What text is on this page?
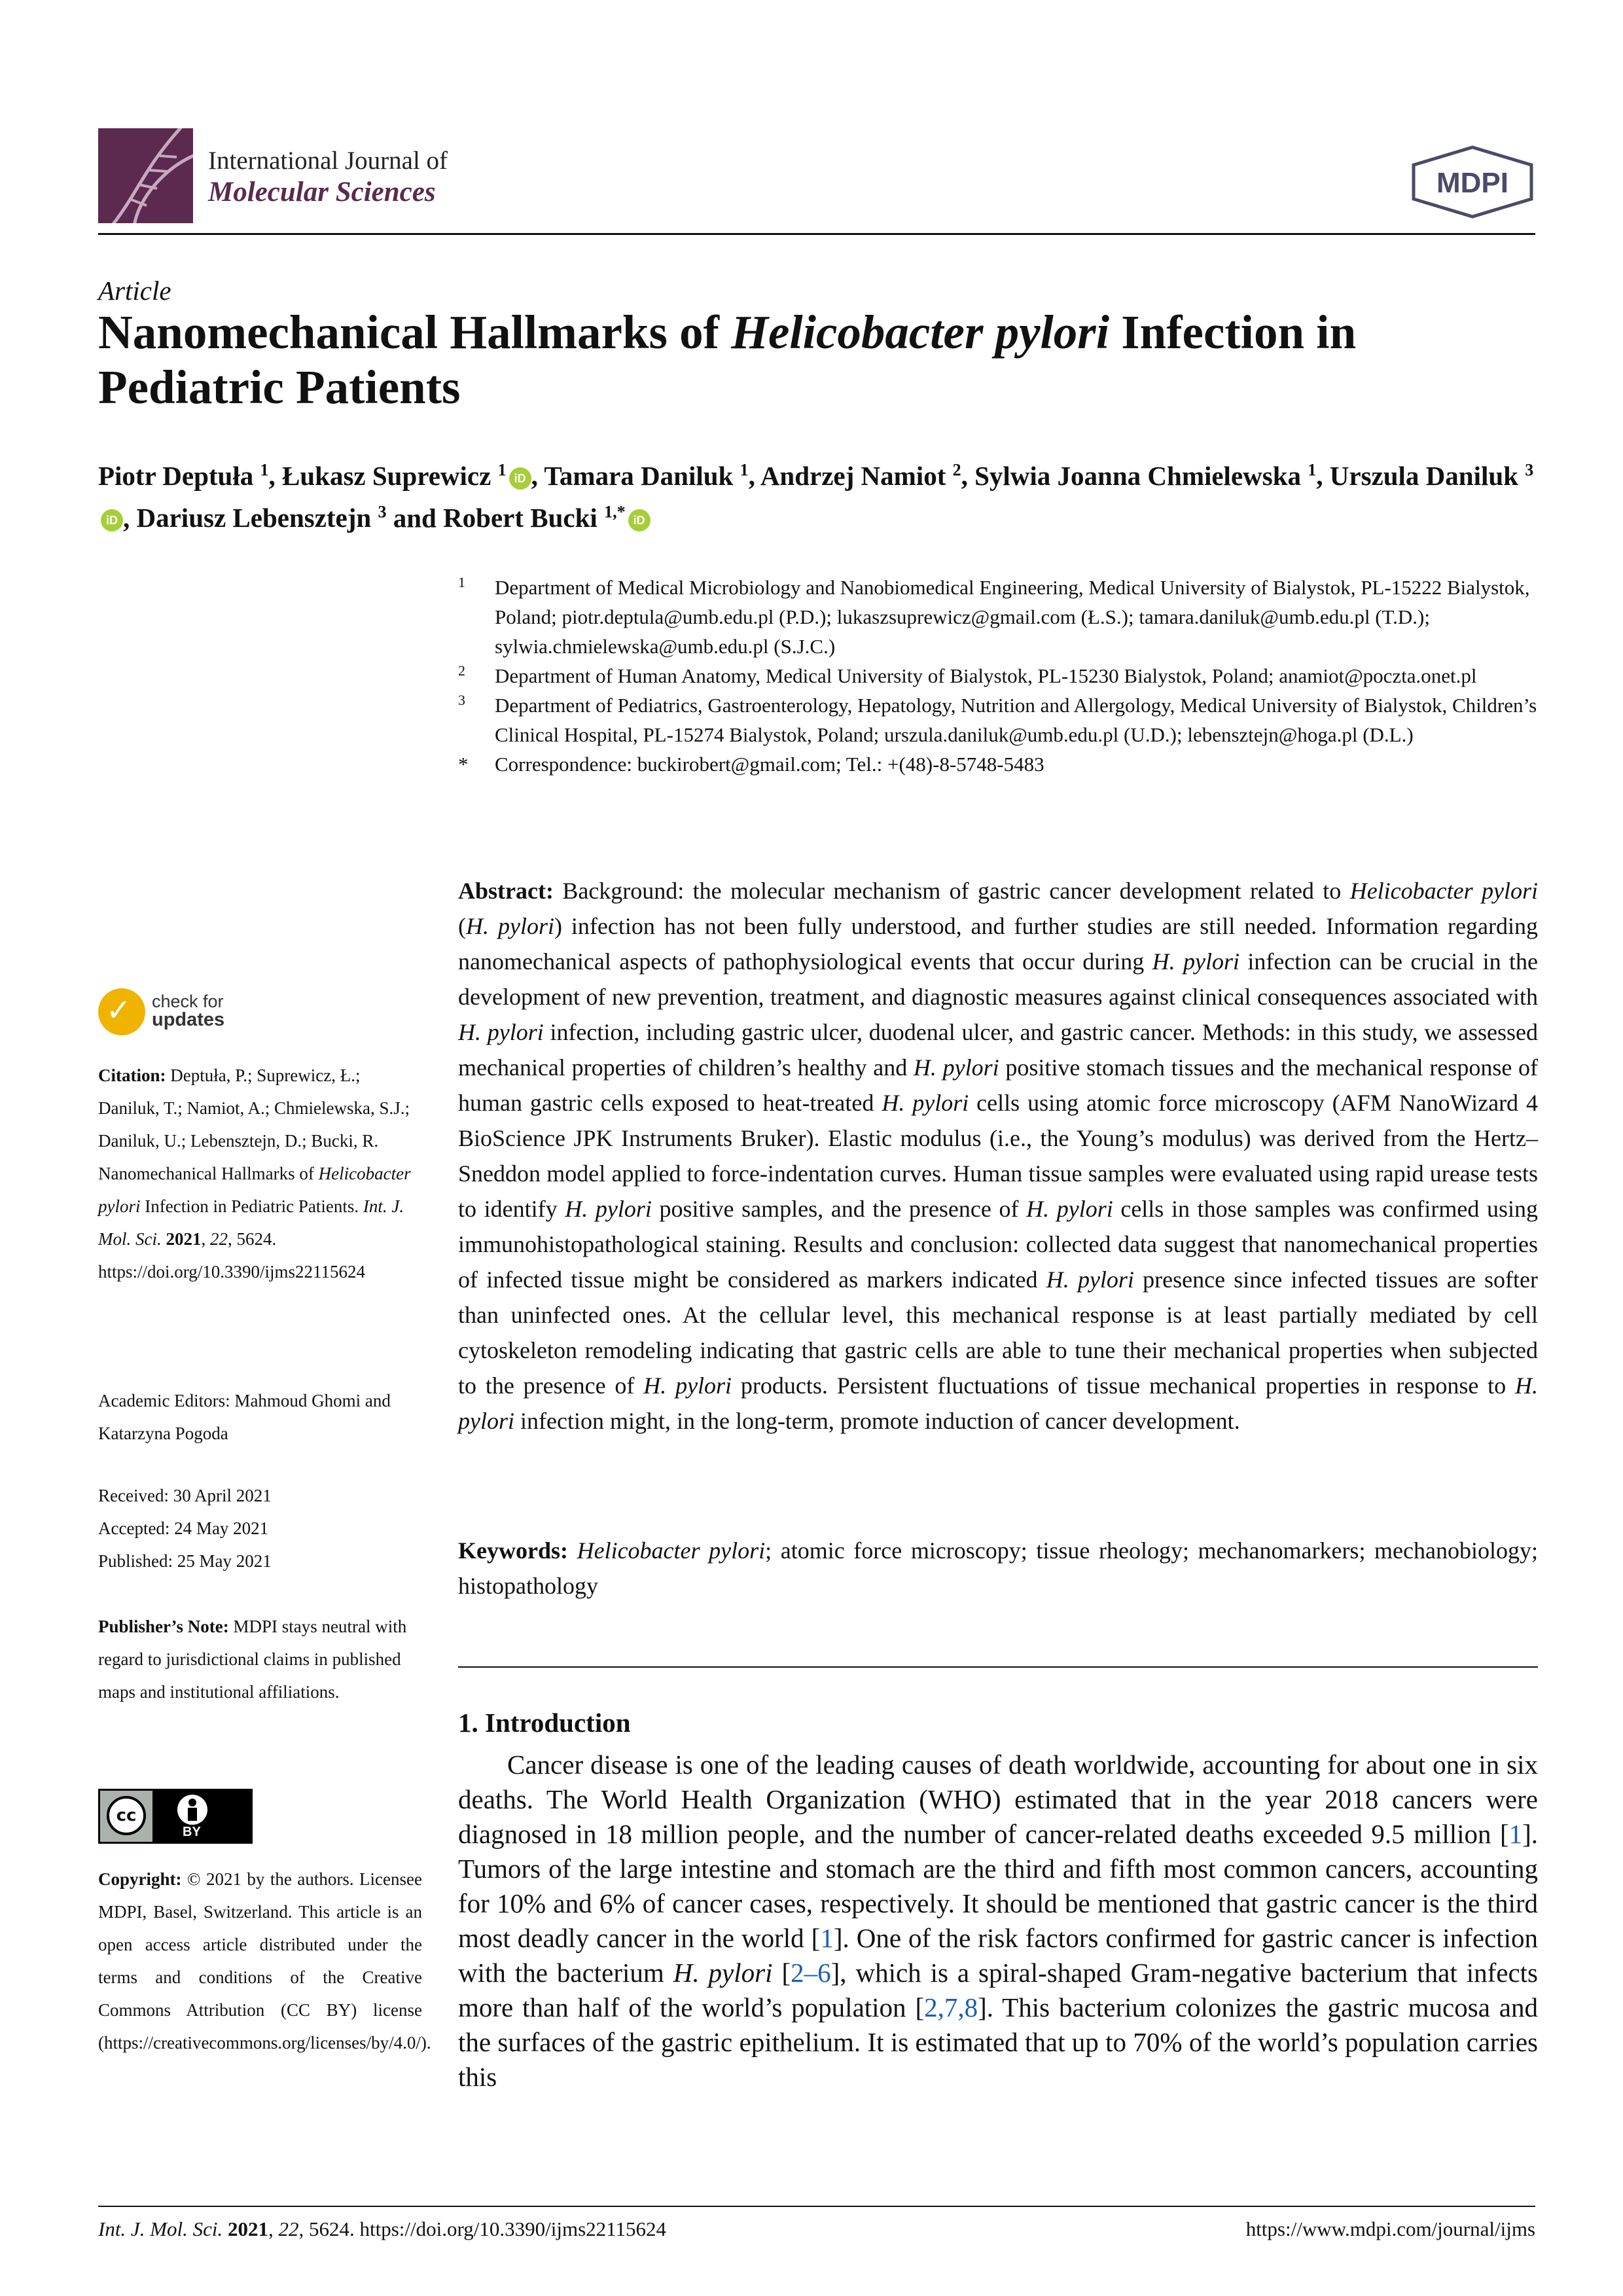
International Journal of
Molecular Sciences	MDPI
Article
Nanomechanical Hallmarks of Helicobacter pylori Infection in Pediatric Patients
Piotr Deptuła $^1$, Łukasz Suprewicz $^1$ iD , Tamara Daniluk $^1$, Andrzej Namiot $^2$, Sylwia Joanna Chmielewska $^1$, Urszula Daniluk $^3$iD , Dariusz Lebensztejn $^3$ and Robert Bucki $^{1,*}$ iD
1 Department of Medical Microbiology and Nanobiomedical Engineering, Medical University of Bialystok, PL-15222 Bialystok, Poland; piotr.deptula@umb.edu.pl (P.D.); lukaszsuprewicz@gmail.com (Ł.S.); tamara.daniluk@umb.edu.pl (T.D.); sylwia.chmielewska@umb.edu.pl (S.J.C.)
2 Department of Human Anatomy, Medical University of Bialystok, PL-15230 Bialystok, Poland; anamiot@poczta.onet.pl
3 Department of Pediatrics, Gastroenterology, Hepatology, Nutrition and Allergology, Medical University of Bialystok, Children’s Clinical Hospital, PL-15274 Bialystok, Poland; urszula.daniluk@umb.edu.pl (U.D.); lebensztejn@hoga.pl (D.L.)
* Correspondence: buckirobert@gmail.com; Tel.: +(48)-8-5748-5483
✓ check for
updates
Citation: Deptuła, P.; Suprewicz, Ł.; Daniluk, T.; Namiot, A.; Chmielewska, S.J.; Daniluk, U.; Lebensztejn, D.; Bucki, R. Nanomechanical Hallmarks of Helicobacter pylori Infection in Pediatric Patients. Int. J. Mol. Sci. 2021, 22, 5624. https://doi.org/10.3390/ijms22115624
Academic Editors: Mahmoud Ghomi and Katarzyna Pogoda
Received: 30 April 2021
Accepted: 24 May 2021
Published: 25 May 2021
Publisher’s Note: MDPI stays neutral with regard to jurisdictional claims in published maps and institutional affiliations.
cc
BY
Copyright: © 2021 by the authors. Licensee MDPI, Basel, Switzerland. This article is an open access article distributed under the terms and conditions of the Creative Commons Attribution (CC BY) license (https://creativecommons.org/licenses/by/4.0/).
Abstract: Background: the molecular mechanism of gastric cancer development related to Helicobacter pylori (H. pylori) infection has not been fully understood, and further studies are still needed. Information regarding nanomechanical aspects of pathophysiological events that occur during H. pylori infection can be crucial in the development of new prevention, treatment, and diagnostic measures against clinical consequences associated with H. pylori infection, including gastric ulcer, duodenal ulcer, and gastric cancer. Methods: in this study, we assessed mechanical properties of children’s healthy and H. pylori positive stomach tissues and the mechanical response of human gastric cells exposed to heat-treated H. pylori cells using atomic force microscopy (AFM NanoWizard 4 BioScience JPK Instruments Bruker). Elastic modulus (i.e., the Young’s modulus) was derived from the Hertz–Sneddon model applied to force-indentation curves. Human tissue samples were evaluated using rapid urease tests to identify H. pylori positive samples, and the presence of H. pylori cells in those samples was confirmed using immunohistopathological staining. Results and conclusion: collected data suggest that nanomechanical properties of infected tissue might be considered as markers indicated H. pylori presence since infected tissues are softer than uninfected ones. At the cellular level, this mechanical response is at least partially mediated by cell cytoskeleton remodeling indicating that gastric cells are able to tune their mechanical properties when subjected to the presence of H. pylori products. Persistent fluctuations of tissue mechanical properties in response to H. pylori infection might, in the long-term, promote induction of cancer development.
Keywords: Helicobacter pylori; atomic force microscopy; tissue rheology; mechanomarkers; mechanobiology; histopathology
1. Introduction
Cancer disease is one of the leading causes of death worldwide, accounting for about one in six deaths. The World Health Organization (WHO) estimated that in the year 2018 cancers were diagnosed in 18 million people, and the number of cancer-related deaths exceeded 9.5 million [1]. Tumors of the large intestine and stomach are the third and fifth most common cancers, accounting for 10% and 6% of cancer cases, respectively. It should be mentioned that gastric cancer is the third most deadly cancer in the world [1]. One of the risk factors confirmed for gastric cancer is infection with the bacterium H. pylori [2–6], which is a spiral-shaped Gram-negative bacterium that infects more than half of the world’s population [2,7,8]. This bacterium colonizes the gastric mucosa and the surfaces of the gastric epithelium. It is estimated that up to 70% of the world’s population carries this
Int. J. Mol. Sci. 2021, 22, 5624. https://doi.org/10.3390/ijms22115624	https://www.mdpi.com/journal/ijms
